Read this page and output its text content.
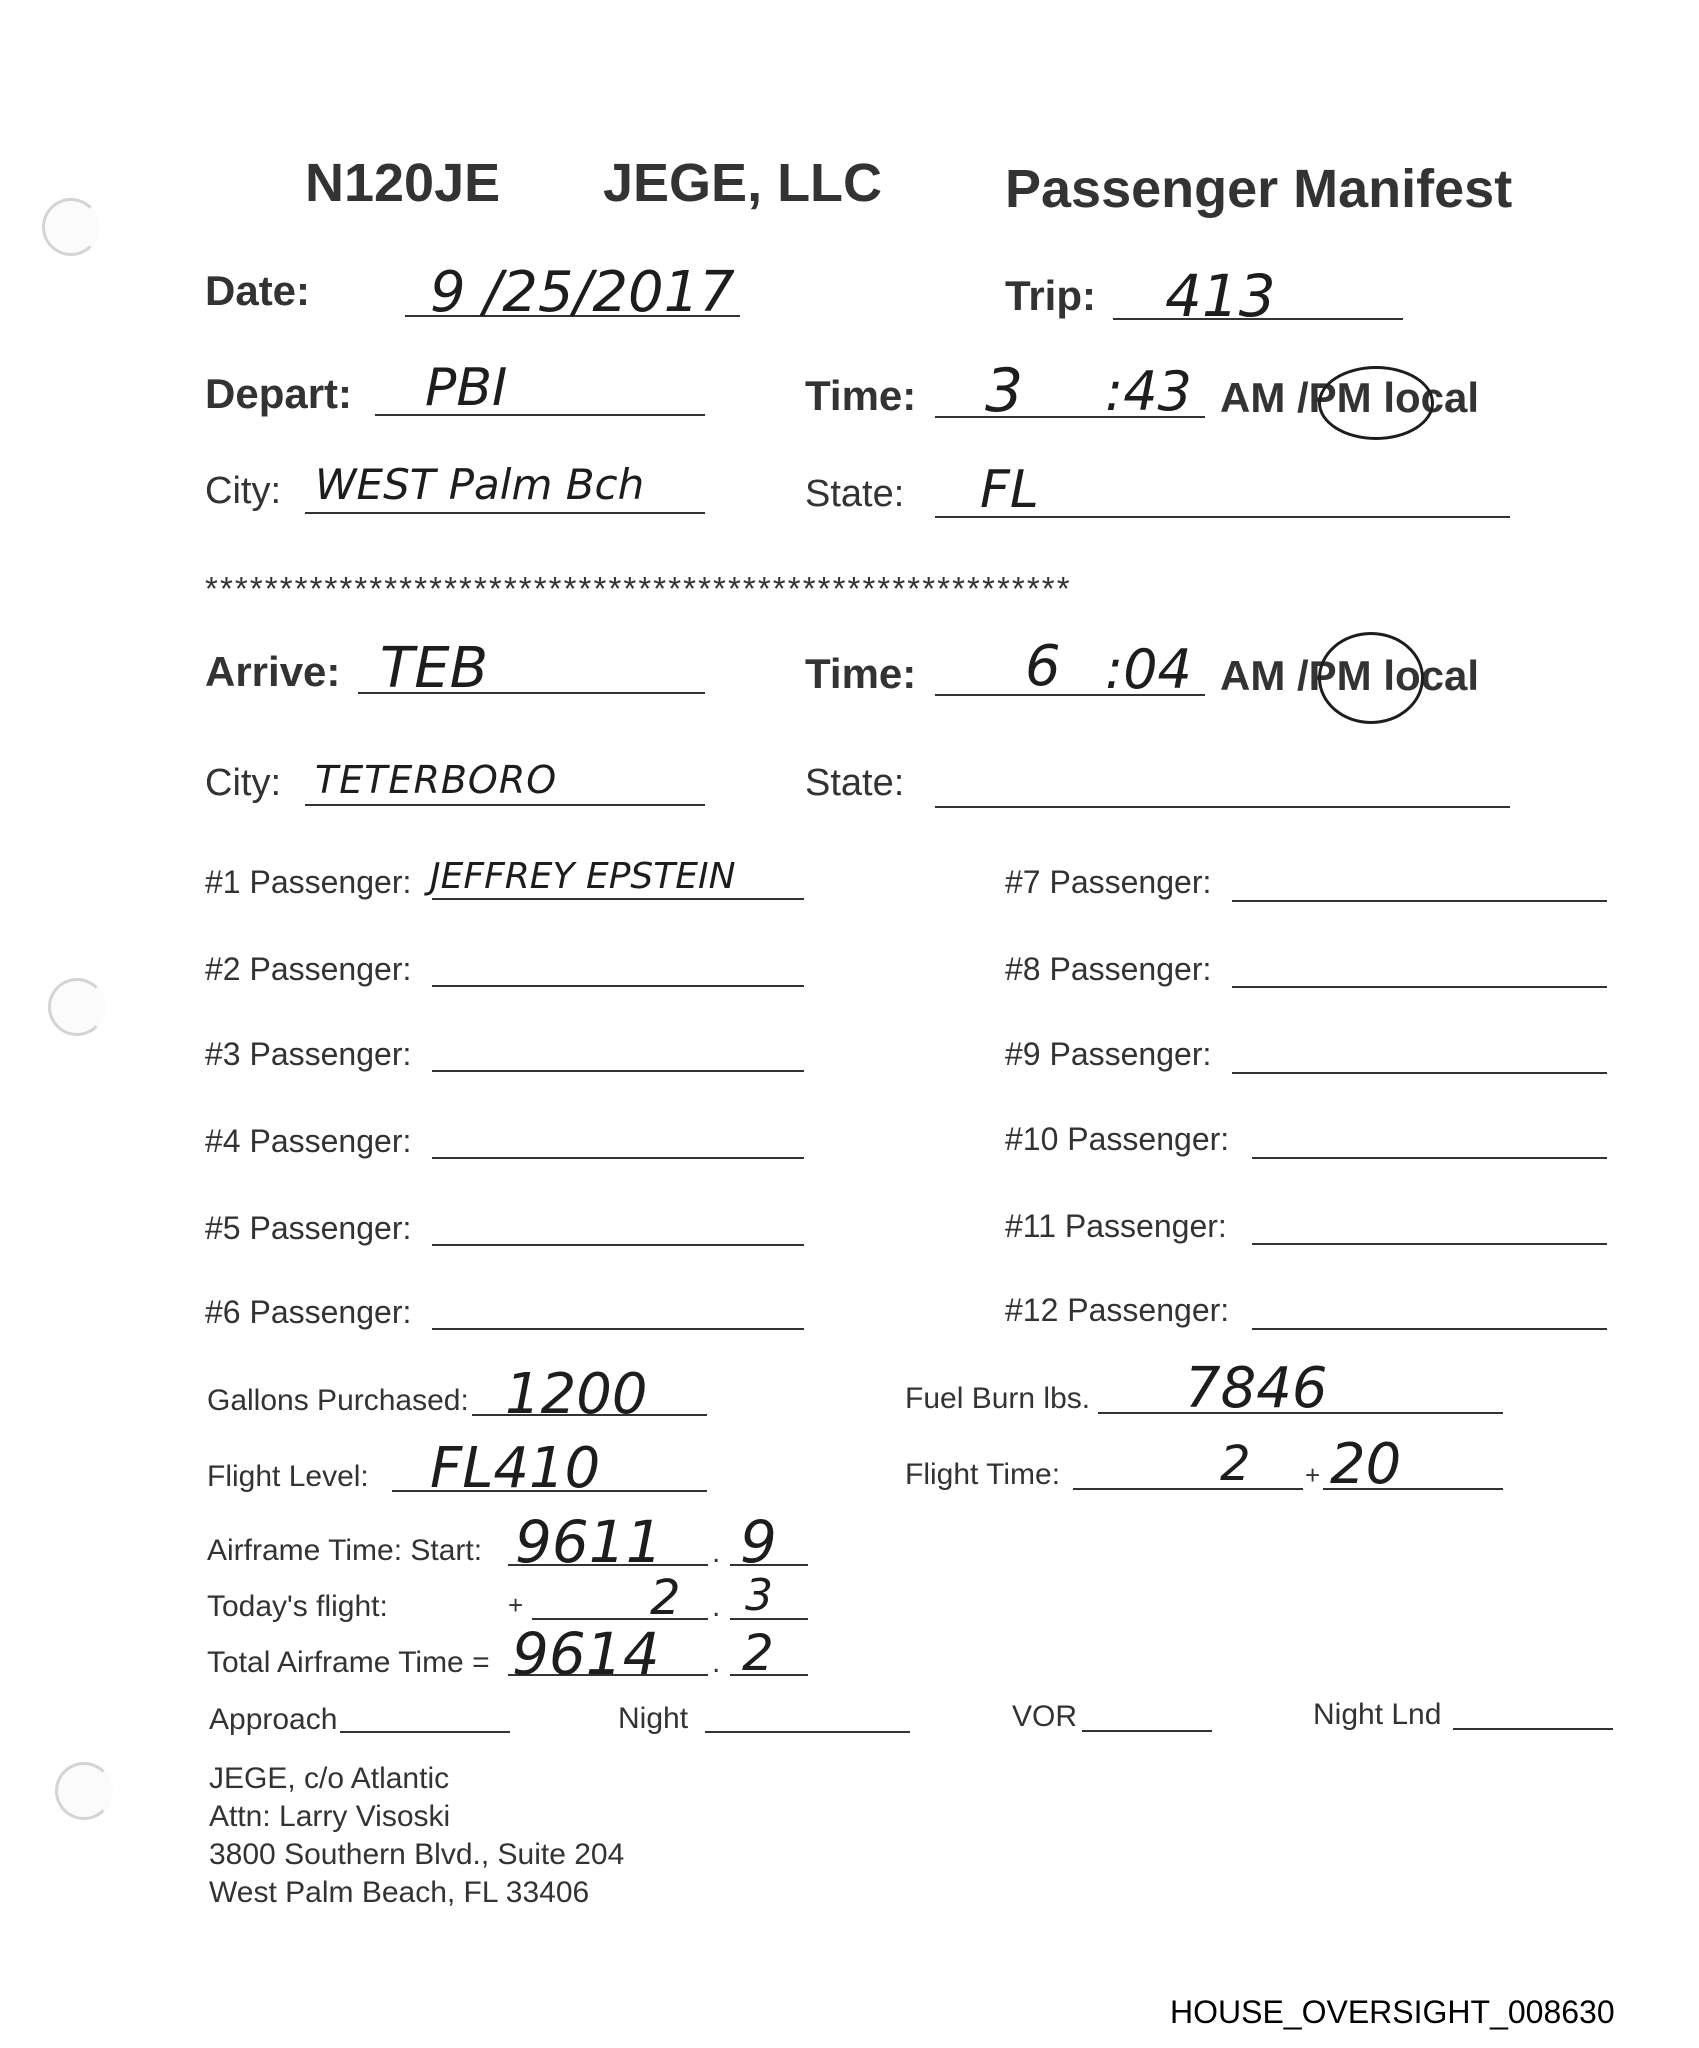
N120JE JEGE, LLC Passenger Manifest
Date: 9 /25/2017	Trip: 413
Depart: PBI	Time: 3 :43 AM /PM local
City: WEST Palm Bch	State: FL
**********************************************************
Arrive: TEB	Time: 6 :04 AM /PM local
City: TETERBORO	State:
#1 Passenger: JEFFREY EPSTEIN
#2 Passenger:
#3 Passenger:
#4 Passenger:
#5 Passenger:
#6 Passenger:
#7 Passenger:
#8 Passenger:
#9 Passenger:
#10 Passenger:
#11 Passenger:
#12 Passenger:
Gallons Purchased: 1200	Fuel Burn lbs. 7846
Flight Level: FL410	Flight Time:	2 + 20
Airframe Time: Start: 9611 . 9
Today's flight:	+	2 . 3
Total Airframe Time = 9614 . 2
Approach	Night	VOR	Night Lnd
JEGE, c/o Atlantic
Attn: Larry Visoski
3800 Southern Blvd., Suite 204
West Palm Beach, FL 33406
HOUSE_OVERSIGHT_008630
